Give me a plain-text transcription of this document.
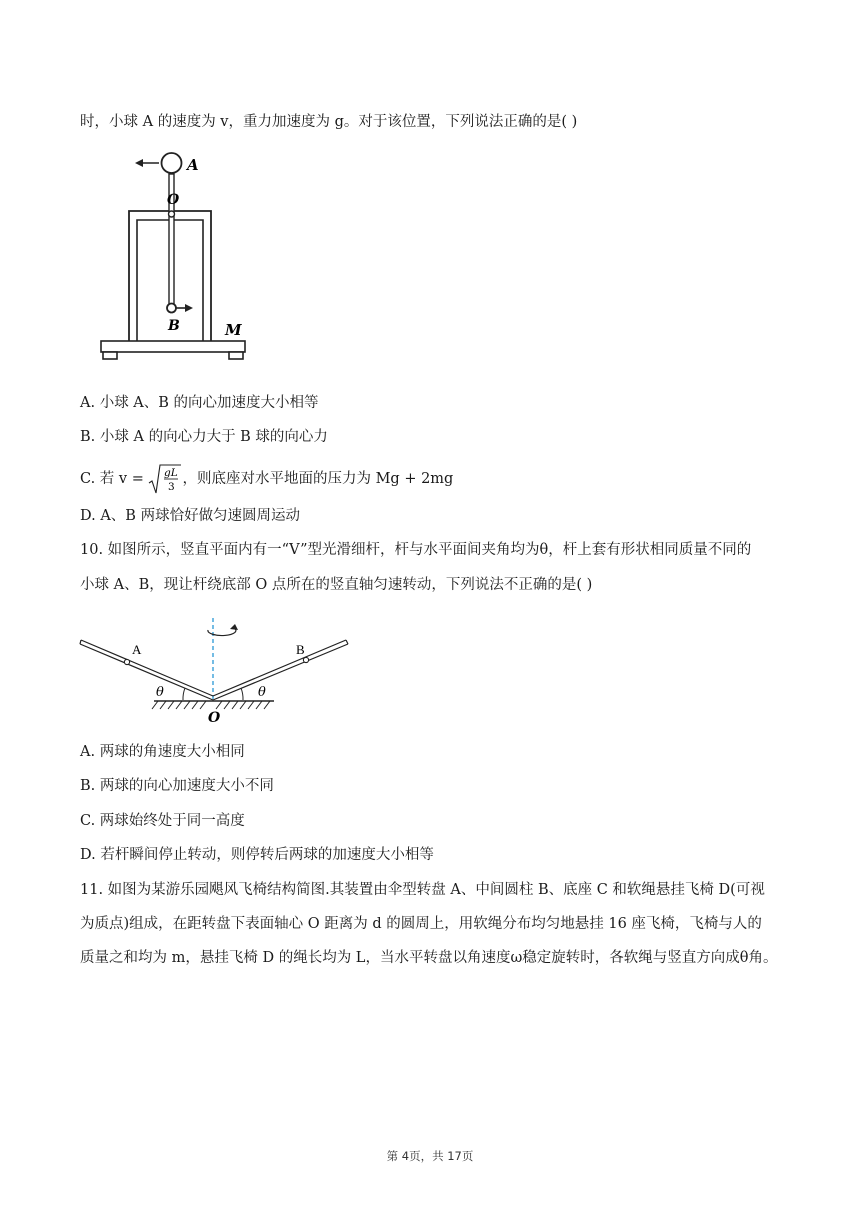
时，小球 A 的速度为 v，重力加速度为 g。对于该位置，下列说法正确的是( )
A
O
B	M
A. 小球 A、B 的向心加速度大小相等
B. 小球 A 的向心力大于 B 球的向心力
C. 若 v = gL
3 ，则底座对水平地面的压力为 Mg + 2mg
D. A、B 两球恰好做匀速圆周运动
10. 如图所示，竖直平面内有一“V”型光滑细杆，杆与水平面间夹角均为θ，杆上套有形状相同质量不同的
小球 A、B，现让杆绕底部 O 点所在的竖直轴匀速转动，下列说法不正确的是( )
A	B
θ	θ
O
A. 两球的角速度大小相同
B. 两球的向心加速度大小不同
C. 两球始终处于同一高度
D. 若杆瞬间停止转动，则停转后两球的加速度大小相等
11. 如图为某游乐园飓风飞椅结构简图.其装置由伞型转盘 A、中间圆柱 B、底座 C 和软绳悬挂飞椅 D(可视
为质点)组成，在距转盘下表面轴心 O 距离为 d 的圆周上，用软绳分布均匀地悬挂 16 座飞椅，飞椅与人的
质量之和均为 m，悬挂飞椅 D 的绳长均为 L，当水平转盘以角速度ω稳定旋转时，各软绳与竖直方向成θ角。
第 4页，共 17页
